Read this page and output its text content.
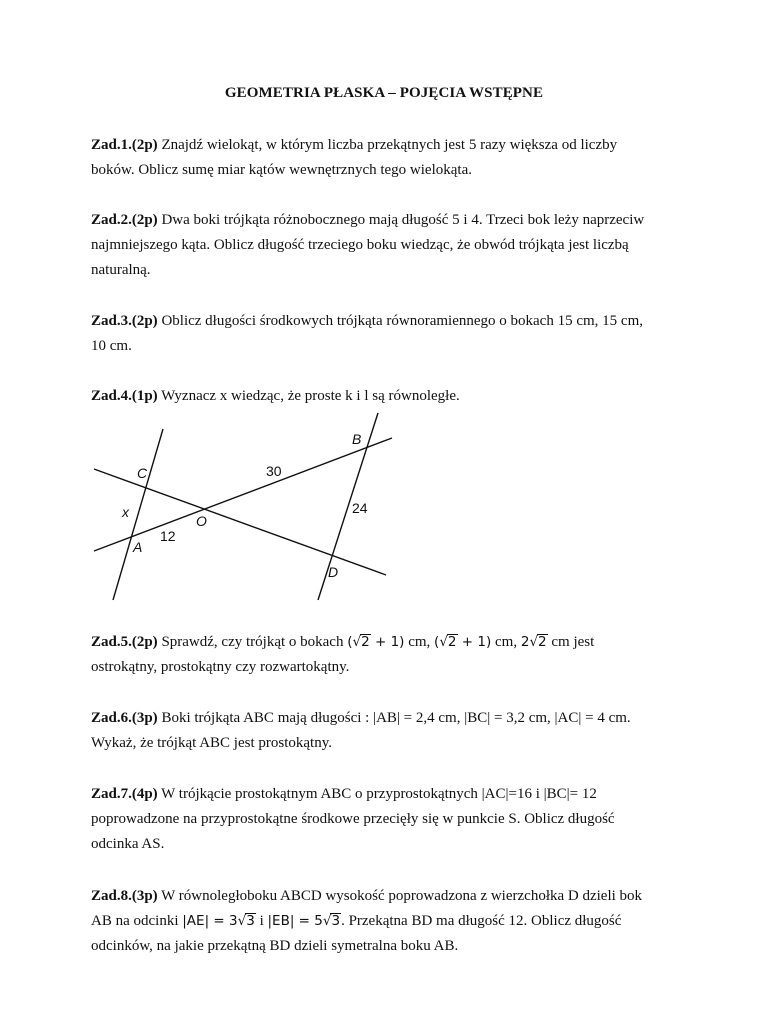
GEOMETRIA PŁASKA – POJĘCIA WSTĘPNE
Zad.1.(2p) Znajdź wielokąt, w którym liczba przekątnych jest 5 razy większa od liczby
boków. Oblicz sumę miar kątów wewnętrznych tego wielokąta.
Zad.2.(2p) Dwa boki trójkąta różnobocznego mają długość 5 i 4. Trzeci bok leży naprzeciw
najmniejszego kąta. Oblicz długość trzeciego boku wiedząc, że obwód trójkąta jest liczbą
naturalną.
Zad.3.(2p) Oblicz długości środkowych trójkąta równoramiennego o bokach 15 cm, 15 cm,
10 cm.
Zad.4.(1p) Wyznacz x wiedząc, że proste k i l są równoległe.
C
B
A
D
O
x
30
12
24
Zad.5.(2p) Sprawdź, czy trójkąt o bokach (√2 + 1) cm, (√2 + 1) cm, 2√2 cm jest
ostrokątny, prostokątny czy rozwartokątny.
Zad.6.(3p) Boki trójkąta ABC mają długości : |AB| = 2,4 cm, |BC| = 3,2 cm, |AC| = 4 cm.
Wykaż, że trójkąt ABC jest prostokątny.
Zad.7.(4p) W trójkącie prostokątnym ABC o przyprostokątnych |AC|=16 i |BC|= 12
poprowadzone na przyprostokątne środkowe przecięły się w punkcie S. Oblicz długość
odcinka AS.
Zad.8.(3p) W równoległoboku ABCD wysokość poprowadzona z wierzchołka D dzieli bok
AB na odcinki |AE| = 3√3 i |EB| = 5√3. Przekątna BD ma długość 12. Oblicz długość
odcinków, na jakie przekątną BD dzieli symetralna boku AB.
